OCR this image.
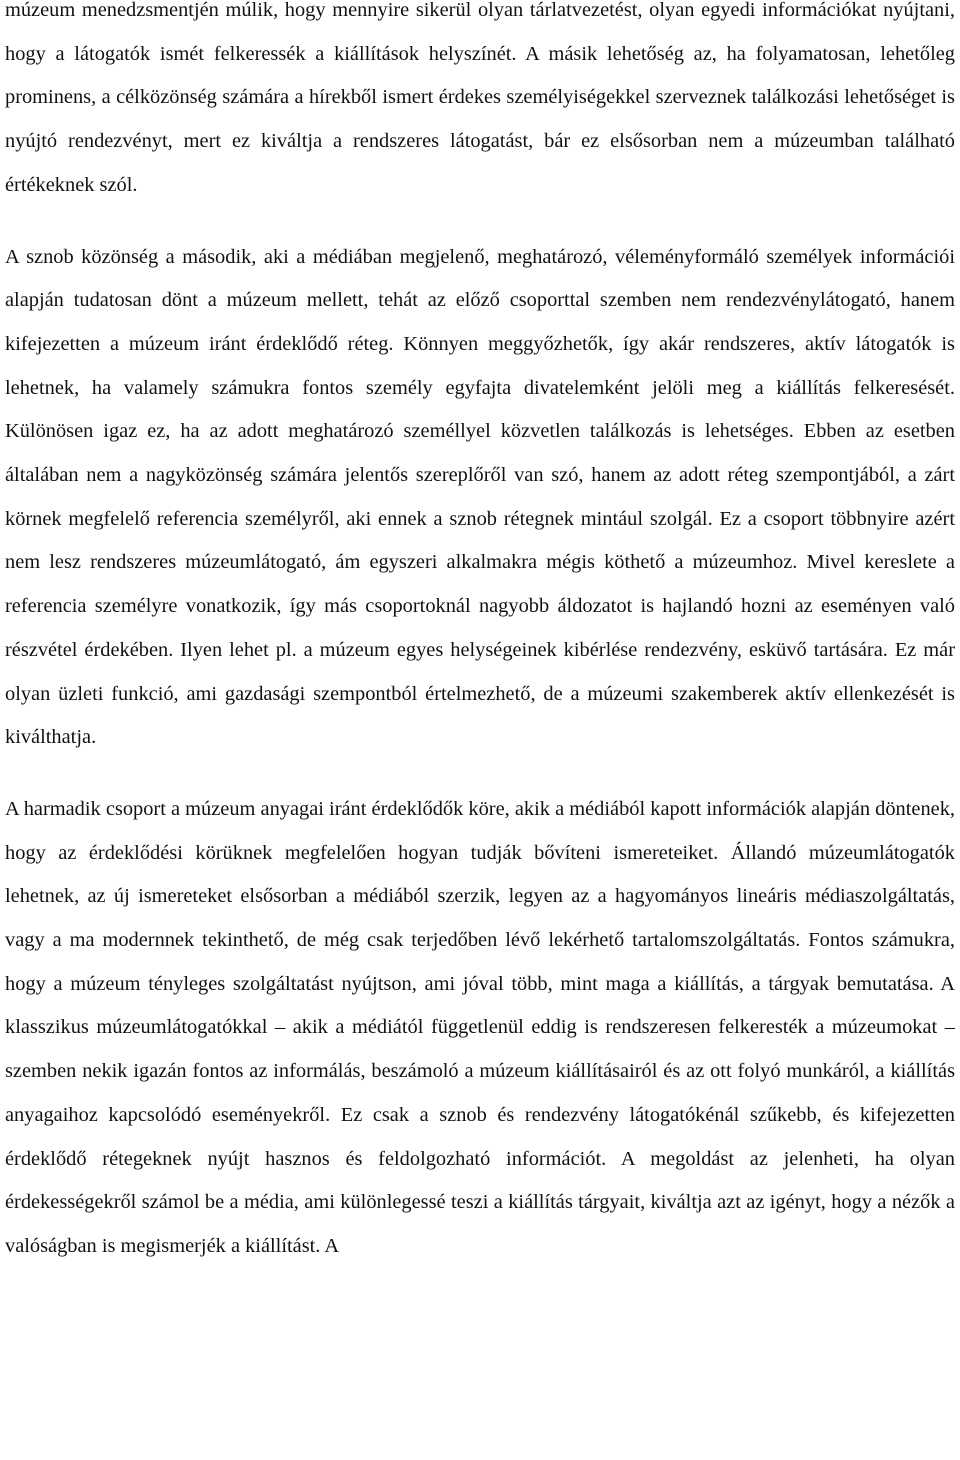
múzeum menedzsmentjén múlik, hogy mennyire sikerül olyan tárlatvezetést, olyan egyedi információkat nyújtani, hogy a látogatók ismét felkeressék a kiállítások helyszínét. A másik lehetőség az, ha folyamatosan, lehetőleg prominens, a célközönség számára a hírekből ismert érdekes személyiségekkel szerveznek találkozási lehetőséget is nyújtó rendezvényt, mert ez kiváltja a rendszeres látogatást, bár ez elsősorban nem a múzeumban található értékeknek szól.

A sznob közönség a második, aki a médiában megjelenő, meghatározó, véleményformáló személyek információi alapján tudatosan dönt a múzeum mellett, tehát az előző csoporttal szemben nem rendezvénylátogató, hanem kifejezetten a múzeum iránt érdeklődő réteg. Könnyen meggyőzhetők, így akár rendszeres, aktív látogatók is lehetnek, ha valamely számukra fontos személy egyfajta divatelemként jelöli meg a kiállítás felkeresését. Különösen igaz ez, ha az adott meghatározó személlyel közvetlen találkozás is lehetséges. Ebben az esetben általában nem a nagyközönség számára jelentős szereplőről van szó, hanem az adott réteg szempontjából, a zárt körnek megfelelő referencia személyről, aki ennek a sznob rétegnek mintául szolgál. Ez a csoport többnyire azért nem lesz rendszeres múzeumlátogató, ám egyszeri alkalmakra mégis köthető a múzeumhoz. Mivel kereslete a referencia személyre vonatkozik, így más csoportoknál nagyobb áldozatot is hajlandó hozni az eseményen való részvétel érdekében. Ilyen lehet pl. a múzeum egyes helységeinek kibérlése rendezvény, esküvő tartására. Ez már olyan üzleti funkció, ami gazdasági szempontból értelmezhető, de a múzeumi szakemberek aktív ellenkezését is kiválthatja.

A harmadik csoport a múzeum anyagai iránt érdeklődők köre, akik a médiából kapott információk alapján döntenek, hogy az érdeklődési körüknek megfelelően hogyan tudják bővíteni ismereteiket. Állandó múzeumlátogatók lehetnek, az új ismereteket elsősorban a médiából szerzik, legyen az a hagyományos lineáris médiaszolgáltatás, vagy a ma modernnek tekinthető, de még csak terjedőben lévő lekérhető tartalomszolgáltatás. Fontos számukra, hogy a múzeum tényleges szolgáltatást nyújtson, ami jóval több, mint maga a kiállítás, a tárgyak bemutatása. A klasszikus múzeumlátogatókkal – akik a médiától függetlenül eddig is rendszeresen felkeresték a múzeumokat – szemben nekik igazán fontos az informálás, beszámoló a múzeum kiállításairól és az ott folyó munkáról, a kiállítás anyagaihoz kapcsolódó eseményekről. Ez csak a sznob és rendezvény látogatókénál szűkebb, és kifejezetten érdeklődő rétegeknek nyújt hasznos és feldolgozható információt. A megoldást az jelenheti, ha olyan érdekességekről számol be a média, ami különlegessé teszi a kiállítás tárgyait, kiváltja azt az igényt, hogy a nézők a valóságban is megismerjék a kiállítást. A
